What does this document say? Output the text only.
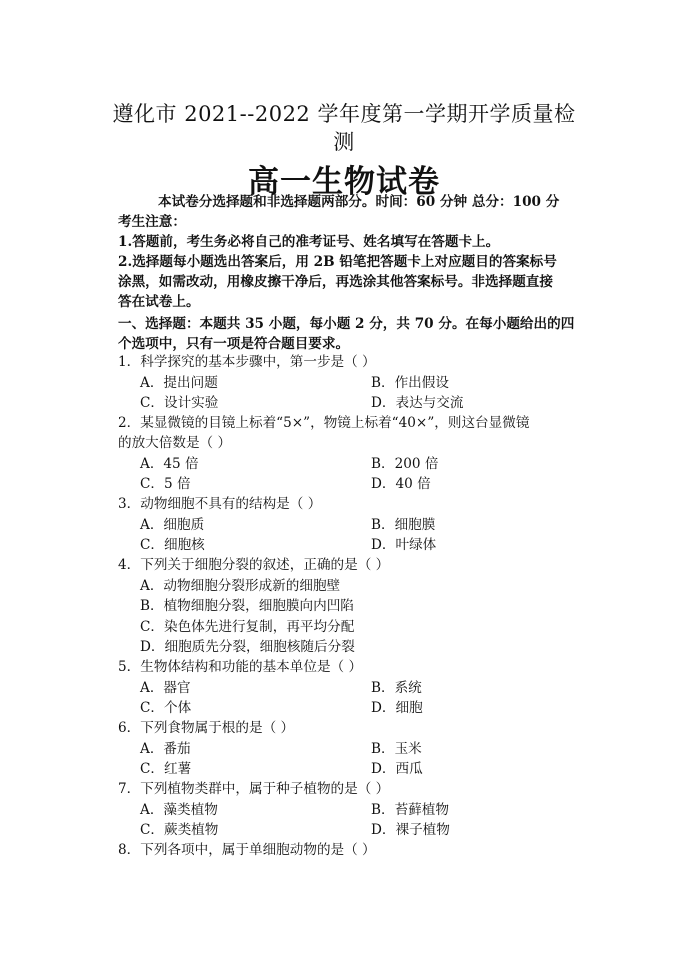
遵化市 2021--2022 学年度第一学期开学质量检
测
高一生物试卷
本试卷分选择题和非选择题两部分。时间：60 分钟 总分：100 分
考生注意：
1.答题前，考生务必将自己的准考证号、姓名填写在答题卡上。
2.选择题每小题选出答案后，用 2B 铅笔把答题卡上对应题目的答案标号
涂黑，如需改动，用橡皮擦干净后，再选涂其他答案标号。非选择题直接
答在试卷上。
一、选择题：本题共 35 小题，每小题 2 分，共 70 分。在每小题给出的四
个选项中，只有一项是符合题目要求。
1．科学探究的基本步骤中，第一步是（ ）
A．提出问题	B．作出假设
C．设计实验	D．表达与交流
2．某显微镜的目镜上标着“5×”，物镜上标着“40×”，则这台显微镜
的放大倍数是（ ）
A．45 倍	B．200 倍
C．5 倍	D．40 倍
3．动物细胞不具有的结构是（ ）
A．细胞质	B．细胞膜
C．细胞核	D．叶绿体
4．下列关于细胞分裂的叙述，正确的是（ ）
A．动物细胞分裂形成新的细胞壁
B．植物细胞分裂，细胞膜向内凹陷
C．染色体先进行复制，再平均分配
D．细胞质先分裂，细胞核随后分裂
5．生物体结构和功能的基本单位是（ ）
A．器官	B．系统
C．个体	D．细胞
6．下列食物属于根的是（ ）
A．番茄	B．玉米
C．红薯	D．西瓜
7．下列植物类群中，属于种子植物的是（ ）
A．藻类植物	B．苔藓植物
C．蕨类植物	D．裸子植物
8．下列各项中，属于单细胞动物的是（ ）
